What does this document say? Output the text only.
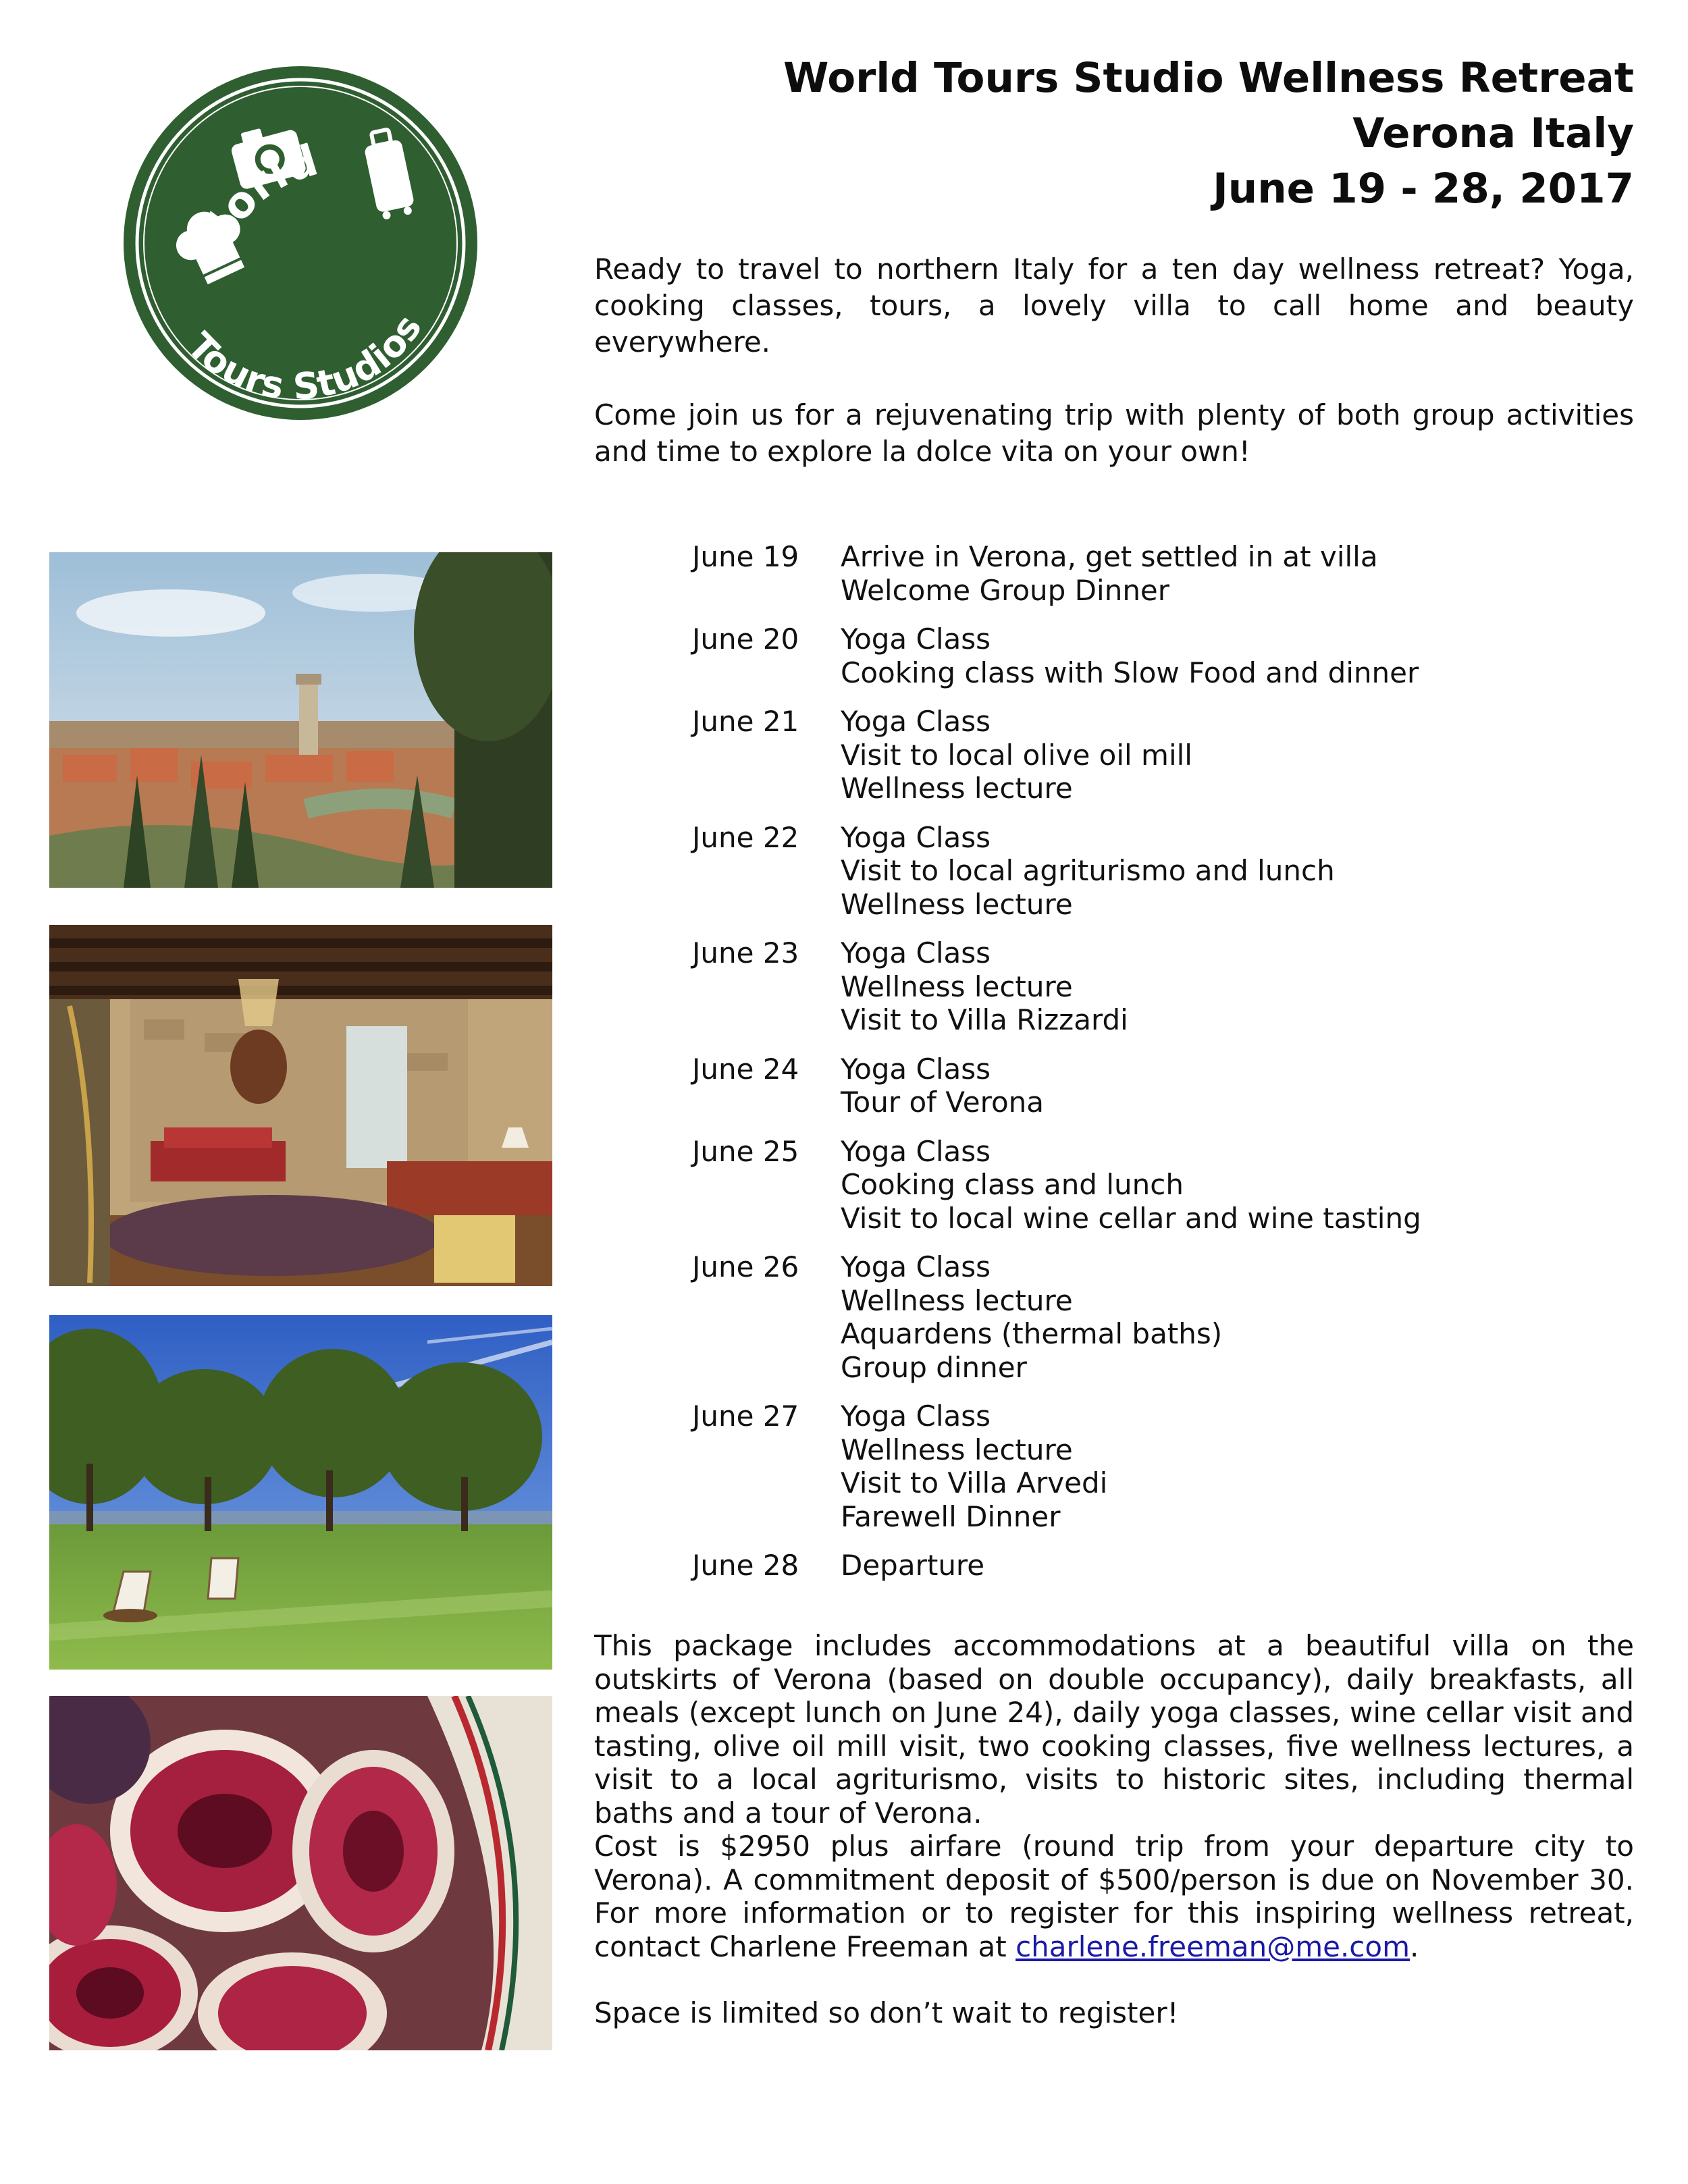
World Tours Studio Wellness Retreat
Verona Italy
June 19 - 28, 2017
World
Tours Studios

Ready to travel to northern Italy for a ten day wellness retreat? Yoga, cooking classes, tours, a lovely villa to call home and beauty everywhere.

Come join us for a rejuvenating trip with plenty of both group activities and time to explore la dolce vita on your own!

June 19	Arrive in Verona, get settled in at villa
Welcome Group Dinner
June 20	Yoga Class
Cooking class with Slow Food and dinner
June 21	Yoga Class
Visit to local olive oil mill
Wellness lecture
June 22	Yoga Class
Visit to local agriturismo and lunch
Wellness lecture
June 23	Yoga Class
Wellness lecture
Visit to Villa Rizzardi
June 24	Yoga Class
Tour of Verona
June 25	Yoga Class
Cooking class and lunch
Visit to local wine cellar and wine tasting
June 26	Yoga Class
Wellness lecture
Aquardens (thermal baths)
Group dinner
June 27	Yoga Class
Wellness lecture
Visit to Villa Arvedi
Farewell Dinner
June 28	Departure

This package includes accommodations at a beautiful villa on the outskirts of Verona (based on double occupancy), daily breakfasts, all meals (except lunch on June 24), daily yoga classes, wine cellar visit and tasting, olive oil mill visit, two cooking classes, five wellness lectures, a visit to a local agriturismo, visits to historic sites, including thermal baths and a tour of Verona.

Cost is $2950 plus airfare (round trip from your departure city to Verona). A commitment deposit of $500/person is due on November 30. For more information or to register for this inspiring wellness retreat, contact Charlene Freeman at charlene.freeman@me.com.

Space is limited so don’t wait to register!
